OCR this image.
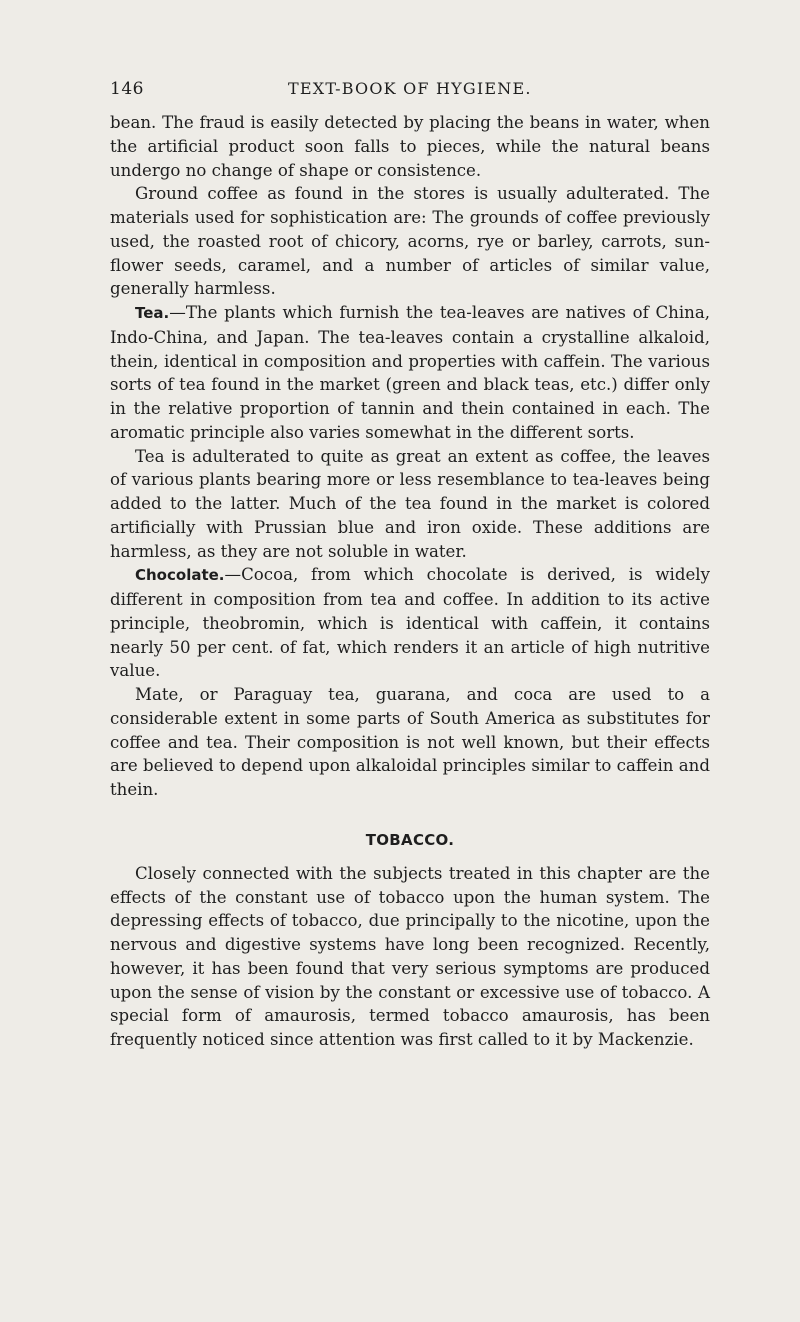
146	TEXT-BOOK OF HYGIENE.

bean. The fraud is easily detected by placing the beans in water, when the artificial product soon falls to pieces, while the natural beans undergo no change of shape or consistence.

Ground coffee as found in the stores is usually adulterated. The materials used for sophistication are: The grounds of coffee previously used, the roasted root of chicory, acorns, rye or barley, carrots, sun-flower seeds, caramel, and a number of articles of similar value, generally harmless.

Tea.—The plants which furnish the tea-leaves are natives of China, Indo-China, and Japan. The tea-leaves contain a crystalline alkaloid, thein, identical in composition and properties with caffein. The various sorts of tea found in the market (green and black teas, etc.) differ only in the relative proportion of tannin and thein contained in each. The aromatic principle also varies somewhat in the different sorts.

Tea is adulterated to quite as great an extent as coffee, the leaves of various plants bearing more or less resemblance to tea-leaves being added to the latter. Much of the tea found in the market is colored artificially with Prussian blue and iron oxide. These additions are harmless, as they are not soluble in water.

Chocolate.—Cocoa, from which chocolate is derived, is widely different in composition from tea and coffee. In addition to its active principle, theobromin, which is identical with caffein, it contains nearly 50 per cent. of fat, which renders it an article of high nutritive value.

Mate, or Paraguay tea, guarana, and coca are used to a considerable extent in some parts of South America as substitutes for coffee and tea. Their composition is not well known, but their effects are believed to depend upon alkaloidal principles similar to caffein and thein.

TOBACCO.

Closely connected with the subjects treated in this chapter are the effects of the constant use of tobacco upon the human system. The depressing effects of tobacco, due principally to the nicotine, upon the nervous and digestive systems have long been recognized. Recently, however, it has been found that very serious symptoms are produced upon the sense of vision by the constant or excessive use of tobacco. A special form of amaurosis, termed tobacco amaurosis, has been frequently noticed since attention was first called to it by Mackenzie.
